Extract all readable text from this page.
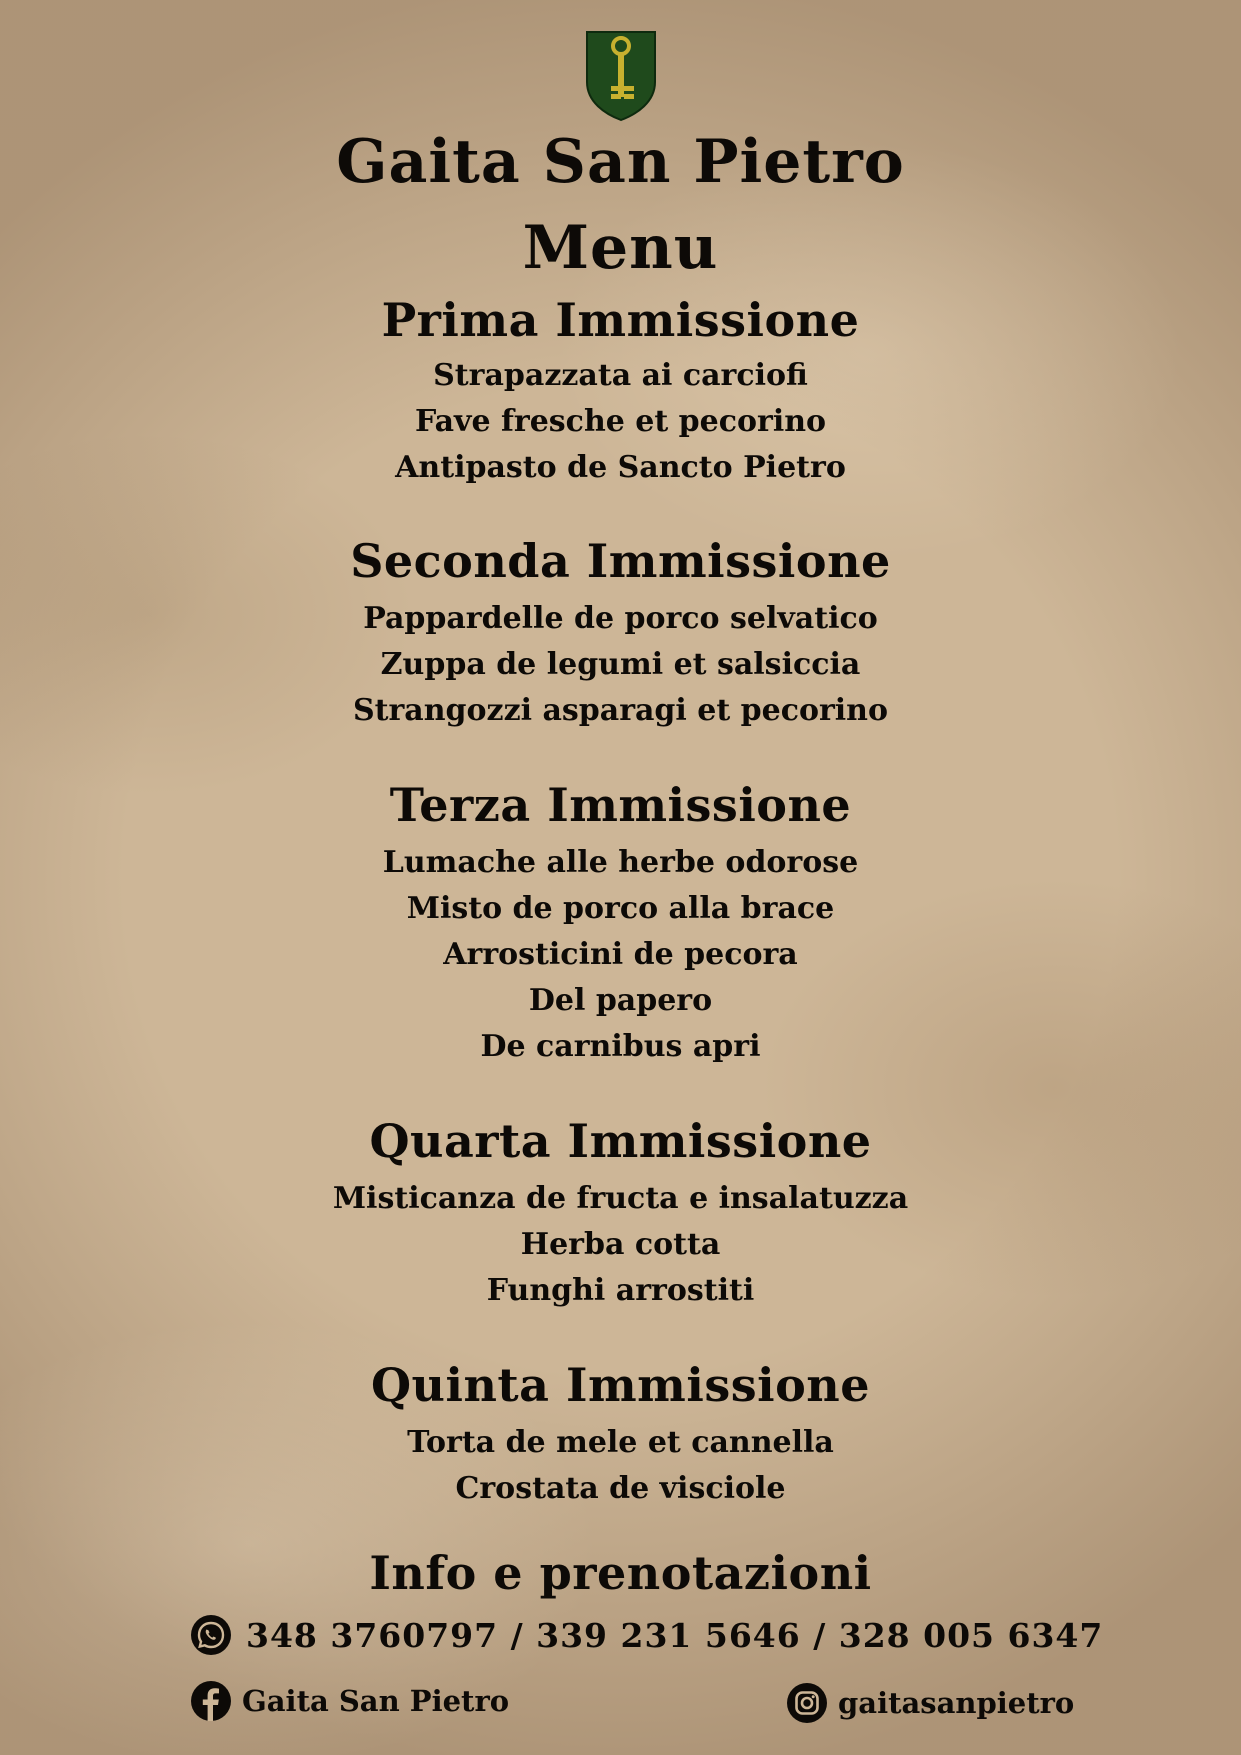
Gaita San Pietro
Menu
Prima Immissione
Strapazzata ai carciofi
Fave fresche et pecorino
Antipasto de Sancto Pietro
Seconda Immissione
Pappardelle de porco selvatico
Zuppa de legumi et salsiccia
Strangozzi asparagi et pecorino
Terza Immissione
Lumache alle herbe odorose
Misto de porco alla brace
Arrosticini de pecora
Del papero
De carnibus apri
Quarta Immissione
Misticanza de fructa e insalatuzza
Herba cotta
Funghi arrostiti
Quinta Immissione
Torta de mele et cannella
Crostata de visciole
Info e prenotazioni
348 3760797 / 339 231 5646 / 328 005 6347
Gaita San Pietro	gaitasanpietro
